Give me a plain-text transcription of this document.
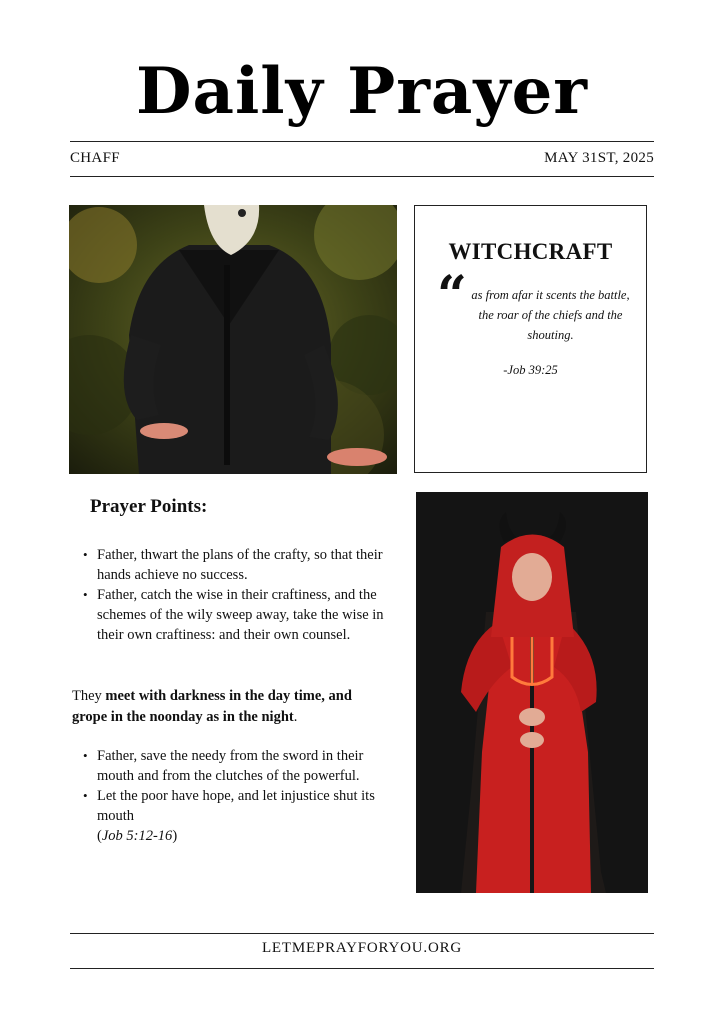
Daily Prayer
CHAFF	MAY 31ST, 2025
WITCHCRAFT
“ as from afar it scents the battle, the roar of the chiefs and the shouting.
-Job 39:25
Prayer Points:
• Father, thwart the plans of the crafty, so that their hands achieve no success.
• Father, catch the wise in their craftiness, and the schemes of the wily sweep away, take the wise in their own craftiness: and their own counsel.
They meet with darkness in the day time, and grope in the noonday as in the night.
• Father, save the needy from the sword in their mouth and from the clutches of the powerful.
• Let the poor have hope, and let injustice shut its mouth
(Job 5:12-16)
LETMEPRAYFORYOU.ORG
